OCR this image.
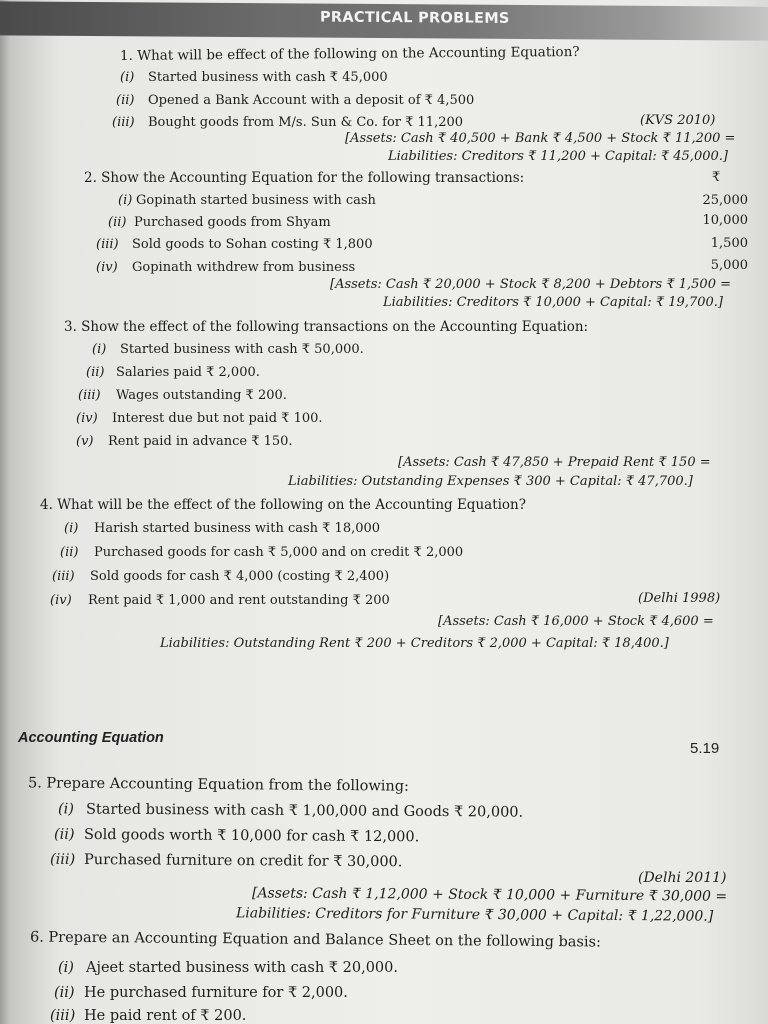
PRACTICAL PROBLEMS
1. What will be effect of the following on the Accounting Equation?
(i) Started business with cash ₹ 45,000
(ii) Opened a Bank Account with a deposit of ₹ 4,500
(iii) Bought goods from M/s. Sun & Co. for ₹ 11,200	(KVS 2010)
[Assets: Cash ₹ 40,500 + Bank ₹ 4,500 + Stock ₹ 11,200 =
Liabilities: Creditors ₹ 11,200 + Capital: ₹ 45,000.]
2. Show the Accounting Equation for the following transactions:	₹
(i) Gopinath started business with cash	25,000
(ii) Purchased goods from Shyam	10,000
(iii) Sold goods to Sohan costing ₹ 1,800	1,500
(iv) Gopinath withdrew from business	5,000
[Assets: Cash ₹ 20,000 + Stock ₹ 8,200 + Debtors ₹ 1,500 =
Liabilities: Creditors ₹ 10,000 + Capital: ₹ 19,700.]
3. Show the effect of the following transactions on the Accounting Equation:
(i) Started business with cash ₹ 50,000.
(ii) Salaries paid ₹ 2,000.
(iii) Wages outstanding ₹ 200.
(iv) Interest due but not paid ₹ 100.
(v) Rent paid in advance ₹ 150.
[Assets: Cash ₹ 47,850 + Prepaid Rent ₹ 150 =
Liabilities: Outstanding Expenses ₹ 300 + Capital: ₹ 47,700.]
4. What will be the effect of the following on the Accounting Equation?
(i) Harish started business with cash ₹ 18,000
(ii) Purchased goods for cash ₹ 5,000 and on credit ₹ 2,000
(iii) Sold goods for cash ₹ 4,000 (costing ₹ 2,400)
(iv) Rent paid ₹ 1,000 and rent outstanding ₹ 200	(Delhi 1998)
[Assets: Cash ₹ 16,000 + Stock ₹ 4,600 =
Liabilities: Outstanding Rent ₹ 200 + Creditors ₹ 2,000 + Capital: ₹ 18,400.]
Accounting Equation
5.19
5. Prepare Accounting Equation from the following:
(i) Started business with cash ₹ 1,00,000 and Goods ₹ 20,000.
(ii) Sold goods worth ₹ 10,000 for cash ₹ 12,000.
(iii) Purchased furniture on credit for ₹ 30,000.
(Delhi 2011)
[Assets: Cash ₹ 1,12,000 + Stock ₹ 10,000 + Furniture ₹ 30,000 =
Liabilities: Creditors for Furniture ₹ 30,000 + Capital: ₹ 1,22,000.]
6. Prepare an Accounting Equation and Balance Sheet on the following basis:
(i) Ajeet started business with cash ₹ 20,000.
(ii) He purchased furniture for ₹ 2,000.
(iii) He paid rent of ₹ 200.
